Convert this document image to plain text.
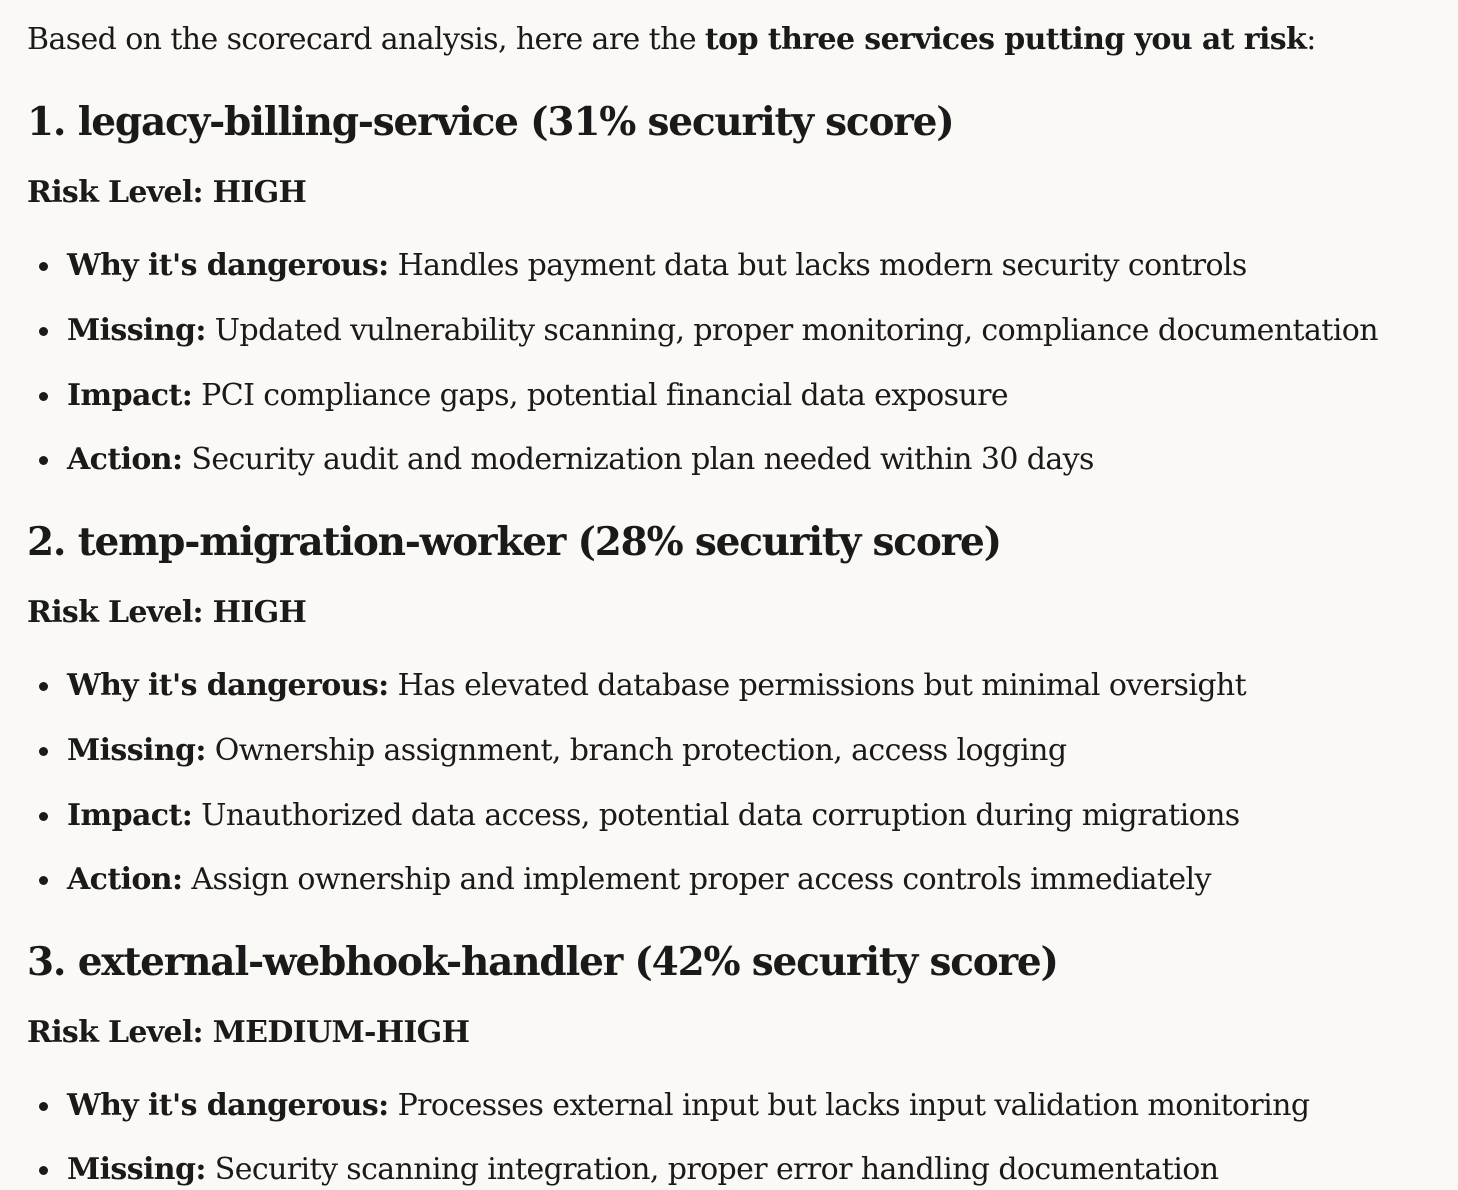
Based on the scorecard analysis, here are the top three services putting you at risk:
1. legacy-billing-service (31% security score)
Risk Level: HIGH
Why it's dangerous: Handles payment data but lacks modern security controls
Missing: Updated vulnerability scanning, proper monitoring, compliance documentation
Impact: PCI compliance gaps, potential financial data exposure
Action: Security audit and modernization plan needed within 30 days
2. temp-migration-worker (28% security score)
Risk Level: HIGH
Why it's dangerous: Has elevated database permissions but minimal oversight
Missing: Ownership assignment, branch protection, access logging
Impact: Unauthorized data access, potential data corruption during migrations
Action: Assign ownership and implement proper access controls immediately
3. external-webhook-handler (42% security score)
Risk Level: MEDIUM-HIGH
Why it's dangerous: Processes external input but lacks input validation monitoring
Missing: Security scanning integration, proper error handling documentation
